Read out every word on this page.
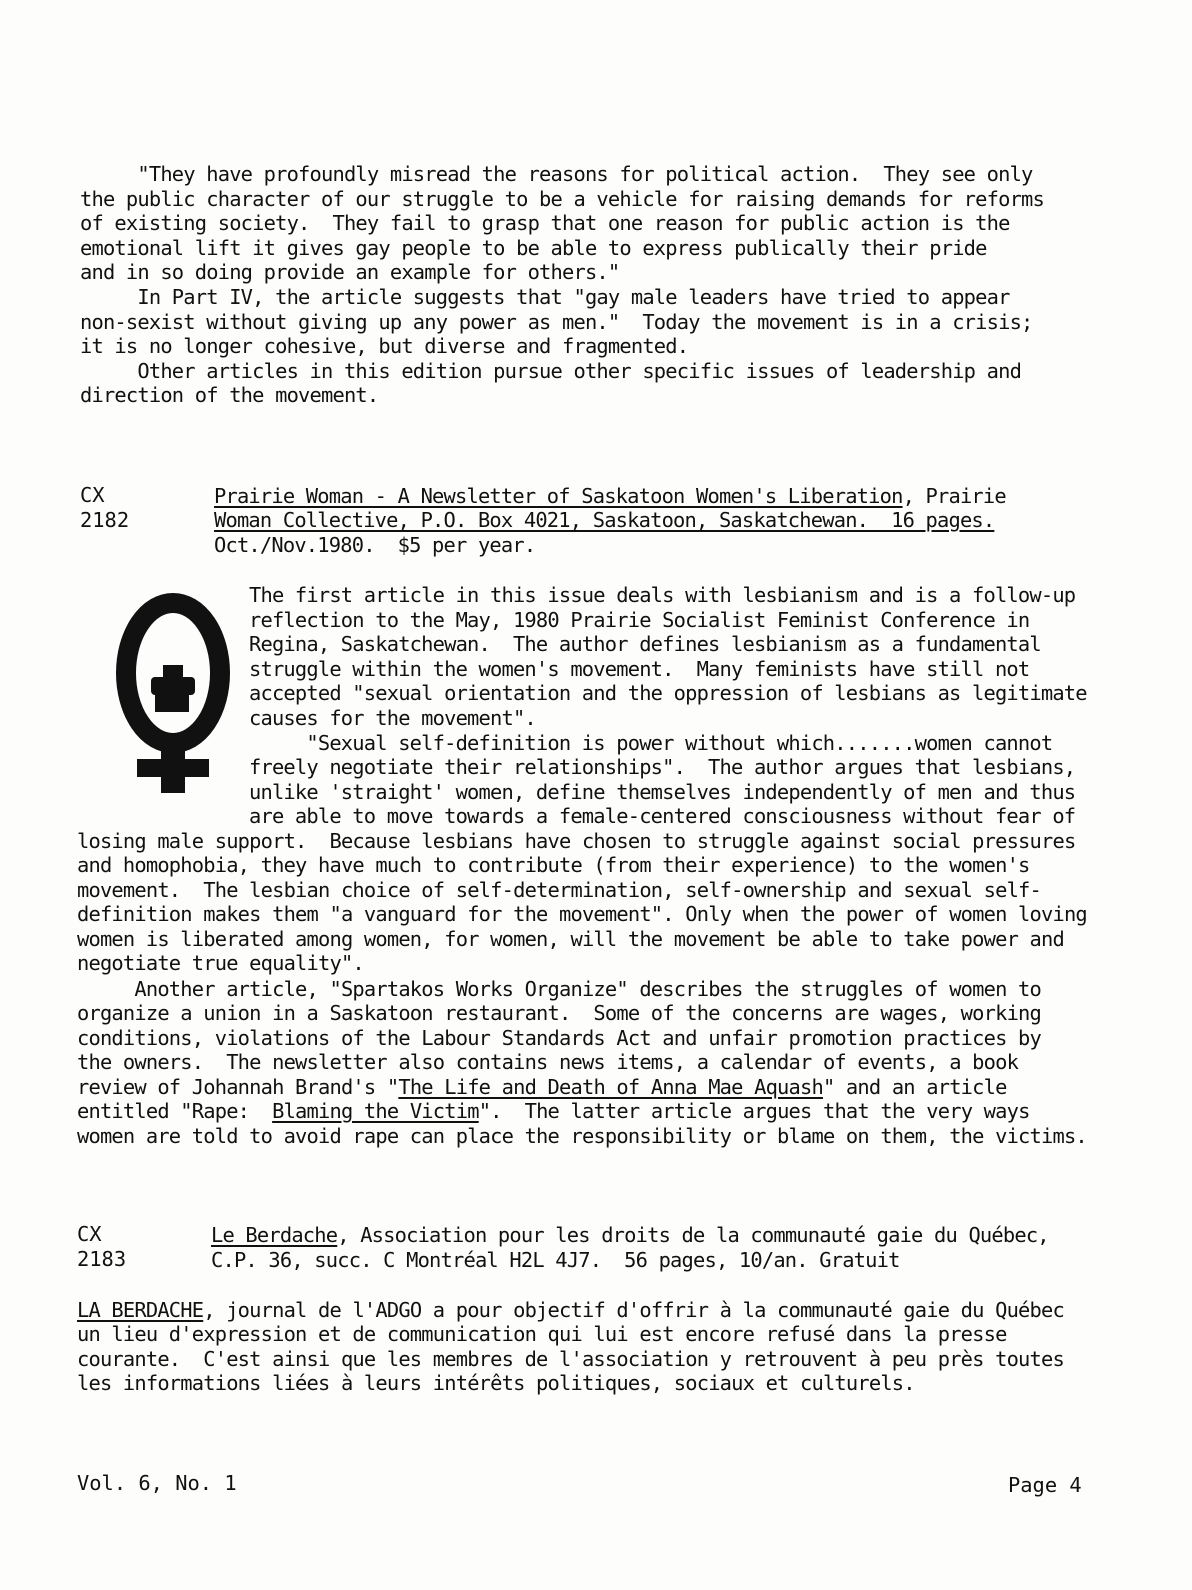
"They have profoundly misread the reasons for political action.  They see only
the public character of our struggle to be a vehicle for raising demands for reforms
of existing society.  They fail to grasp that one reason for public action is the
emotional lift it gives gay people to be able to express publically their pride
and in so doing provide an example for others."
In Part IV, the article suggests that "gay male leaders have tried to appear
non-sexist without giving up any power as men."  Today the movement is in a crisis;
it is no longer cohesive, but diverse and fragmented.
Other articles in this edition pursue other specific issues of leadership and
direction of the movement.
CX
2182
Prairie Woman - A Newsletter of Saskatoon Women's Liberation, Prairie
Woman Collective, P.O. Box 4021, Saskatoon, Saskatchewan.  16 pages.
Oct./Nov.1980.  $5 per year.
The first article in this issue deals with lesbianism and is a follow-up
reflection to the May, 1980 Prairie Socialist Feminist Conference in
Regina, Saskatchewan.  The author defines lesbianism as a fundamental
struggle within the women's movement.  Many feminists have still not
accepted "sexual orientation and the oppression of lesbians as legitimate
causes for the movement".
"Sexual self-definition is power without which.......women cannot
freely negotiate their relationships".  The author argues that lesbians,
unlike 'straight' women, define themselves independently of men and thus
are able to move towards a female-centered consciousness without fear of
losing male support.  Because lesbians have chosen to struggle against social pressures
and homophobia, they have much to contribute (from their experience) to the women's
movement.  The lesbian choice of self-determination, self-ownership and sexual self-
definition makes them "a vanguard for the movement". Only when the power of women loving
women is liberated among women, for women, will the movement be able to take power and
negotiate true equality".
Another article, "Spartakos Works Organize" describes the struggles of women to
organize a union in a Saskatoon restaurant.  Some of the concerns are wages, working
conditions, violations of the Labour Standards Act and unfair promotion practices by
the owners.  The newsletter also contains news items, a calendar of events, a book
review of Johannah Brand's "The Life and Death of Anna Mae Aquash" and an article
entitled "Rape:  Blaming the Victim".  The latter article argues that the very ways
women are told to avoid rape can place the responsibility or blame on them, the victims.
CX
2183
Le Berdache, Association pour les droits de la communauté gaie du Québec,
C.P. 36, succ. C Montréal H2L 4J7.  56 pages, 10/an. Gratuit
LA BERDACHE, journal de l'ADGO a pour objectif d'offrir à la communauté gaie du Québec
un lieu d'expression et de communication qui lui est encore refusé dans la presse
courante.  C'est ainsi que les membres de l'association y retrouvent à peu près toutes
les informations liées à leurs intérêts politiques, sociaux et culturels.
Vol. 6, No. 1	Page 4
